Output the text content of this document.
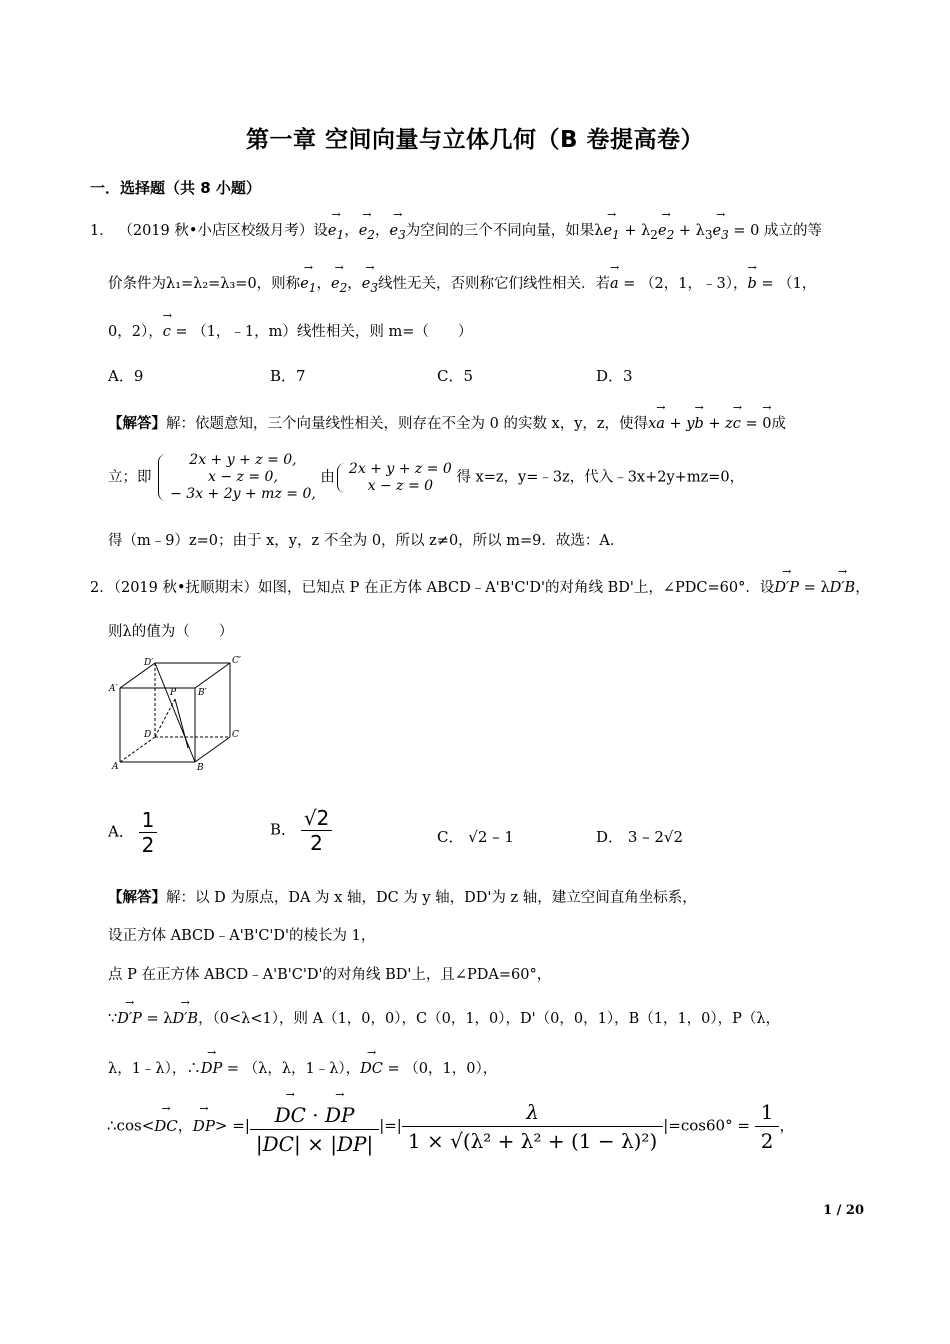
第一章 空间向量与立体几何（B 卷提高卷）
一．选择题（共 8 小题）
1． （2019 秋•小店区校级月考）设→ $e_1$，→ $e_2$，→ $e_3$为空间的三个不同向量，如果$\lambda\to e_1 + \lambda_2\to e_2 + \lambda_3\to e_3 = 0$ 成立的等
价条件为λ₁=λ₂=λ₃=0，则称→ $e_1$，→ $e_2$，→ $e_3$线性无关，否则称它们线性相关．若→ a = （2，1，﹣3），→ b = （1，
0，2），→ c = （1，﹣1，m）线性相关，则 m=（　　）
A．9	B．7	C．5	D．3
【解答】解：依题意知，三个向量线性相关，则存在不全为 0 的实数 x，y，z，使得x→ a + y→ b + z→ c = → 0成
立；即
2x + y + z = 0,
x − z = 0,
− 3x + 2y + mz = 0,
由
2x + y + z = 0
x − z = 0	得 x=z，y=﹣3z，代入﹣3x+2y+mz=0，
得（m﹣9）z=0；由于 x，y，z 不全为 0，所以 z≠0，所以 m=9．故选：A．
2．（2019 秋•抚顺期末）如图，已知点 P 在正方体 ABCD﹣A'B'C'D'的对角线 BD'上，∠PDC=60°．设→ D′P = λ→ D′B，
则λ的值为（　　）
D′	C′
A′	B′
P
D	C
A	B
A． $\frac{1}{2}$	B． $\frac{√2}{2}$	C． √2 – 1	D． 3 – 2√2
【解答】解：以 D 为原点，DA 为 x 轴，DC 为 y 轴，DD'为 z 轴，建立空间直角坐标系，
设正方体 ABCD﹣A'B'C'D'的棱长为 1，
点 P 在正方体 ABCD﹣A'B'C'D'的对角线 BD'上，且∠PDA=60°，
∵→ D′P = λ→ D′B，（0<λ<1），则 A（1，0，0），C（0，1，0），D'（0，0，1），B（1，1，0），P（λ，
λ，1﹣λ），∴→ DP = （λ，λ，1﹣λ），→ DC = （0，1，0），
∴cos<→ DC，→ DP> =| → $\frac{DC \cdot \to DP}{|DC| \times |DP|}$ |=| $\frac{\lambda}{\text{1 × √(λ² + λ² + (1 − λ)²)}} |=\cos 60^\circ = \frac{1}{2}$ ，
1 / 20
